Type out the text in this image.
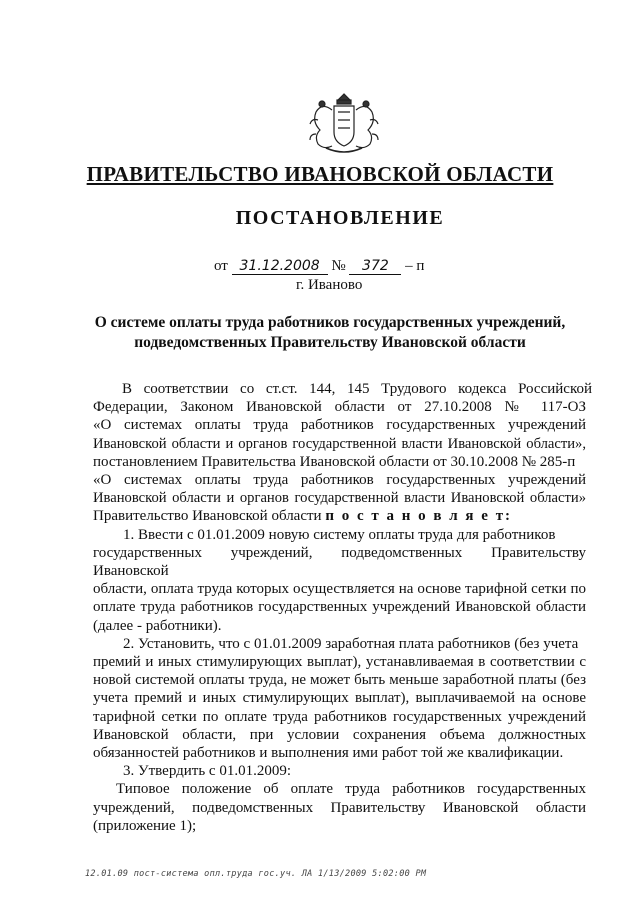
ПРАВИТЕЛЬСТВО ИВАНОВСКОЙ ОБЛАСТИ
ПОСТАНОВЛЕНИЕ
от 31.12.2008 № 372 – п
г. Иваново
О системе оплаты труда работников государственных учреждений,
подведомственных Правительству Ивановской области
В соответствии со ст.ст. 144, 145 Трудового кодекса Российской
Федерации, Законом Ивановской области от 27.10.2008 № 117-ОЗ
«О системах оплаты труда работников государственных учреждений
Ивановской области и органов государственной власти Ивановской области»,
постановлением Правительства Ивановской области от 30.10.2008 № 285-п
«О системах оплаты труда работников государственных учреждений
Ивановской области и органов государственной власти Ивановской области»
Правительство Ивановской области п о с т а н о в л я е т:
1. Ввести с 01.01.2009 новую систему оплаты труда для работников
государственных учреждений, подведомственных Правительству Ивановской
области, оплата труда которых осуществляется на основе тарифной сетки по
оплате труда работников государственных учреждений Ивановской области
(далее - работники).
2. Установить, что с 01.01.2009 заработная плата работников (без учета
премий и иных стимулирующих выплат), устанавливаемая в соответствии с
новой системой оплаты труда, не может быть меньше заработной платы (без
учета премий и иных стимулирующих выплат), выплачиваемой на основе
тарифной сетки по оплате труда работников государственных учреждений
Ивановской области, при условии сохранения объема должностных
обязанностей работников и выполнения ими работ той же квалификации.
3. Утвердить с 01.01.2009:
Типовое положение об оплате труда работников государственных
учреждений, подведомственных Правительству Ивановской области
(приложение 1);
12.01.09 пост-система опл.труда гос.уч. ЛА 1/13/2009 5:02:00 PM
